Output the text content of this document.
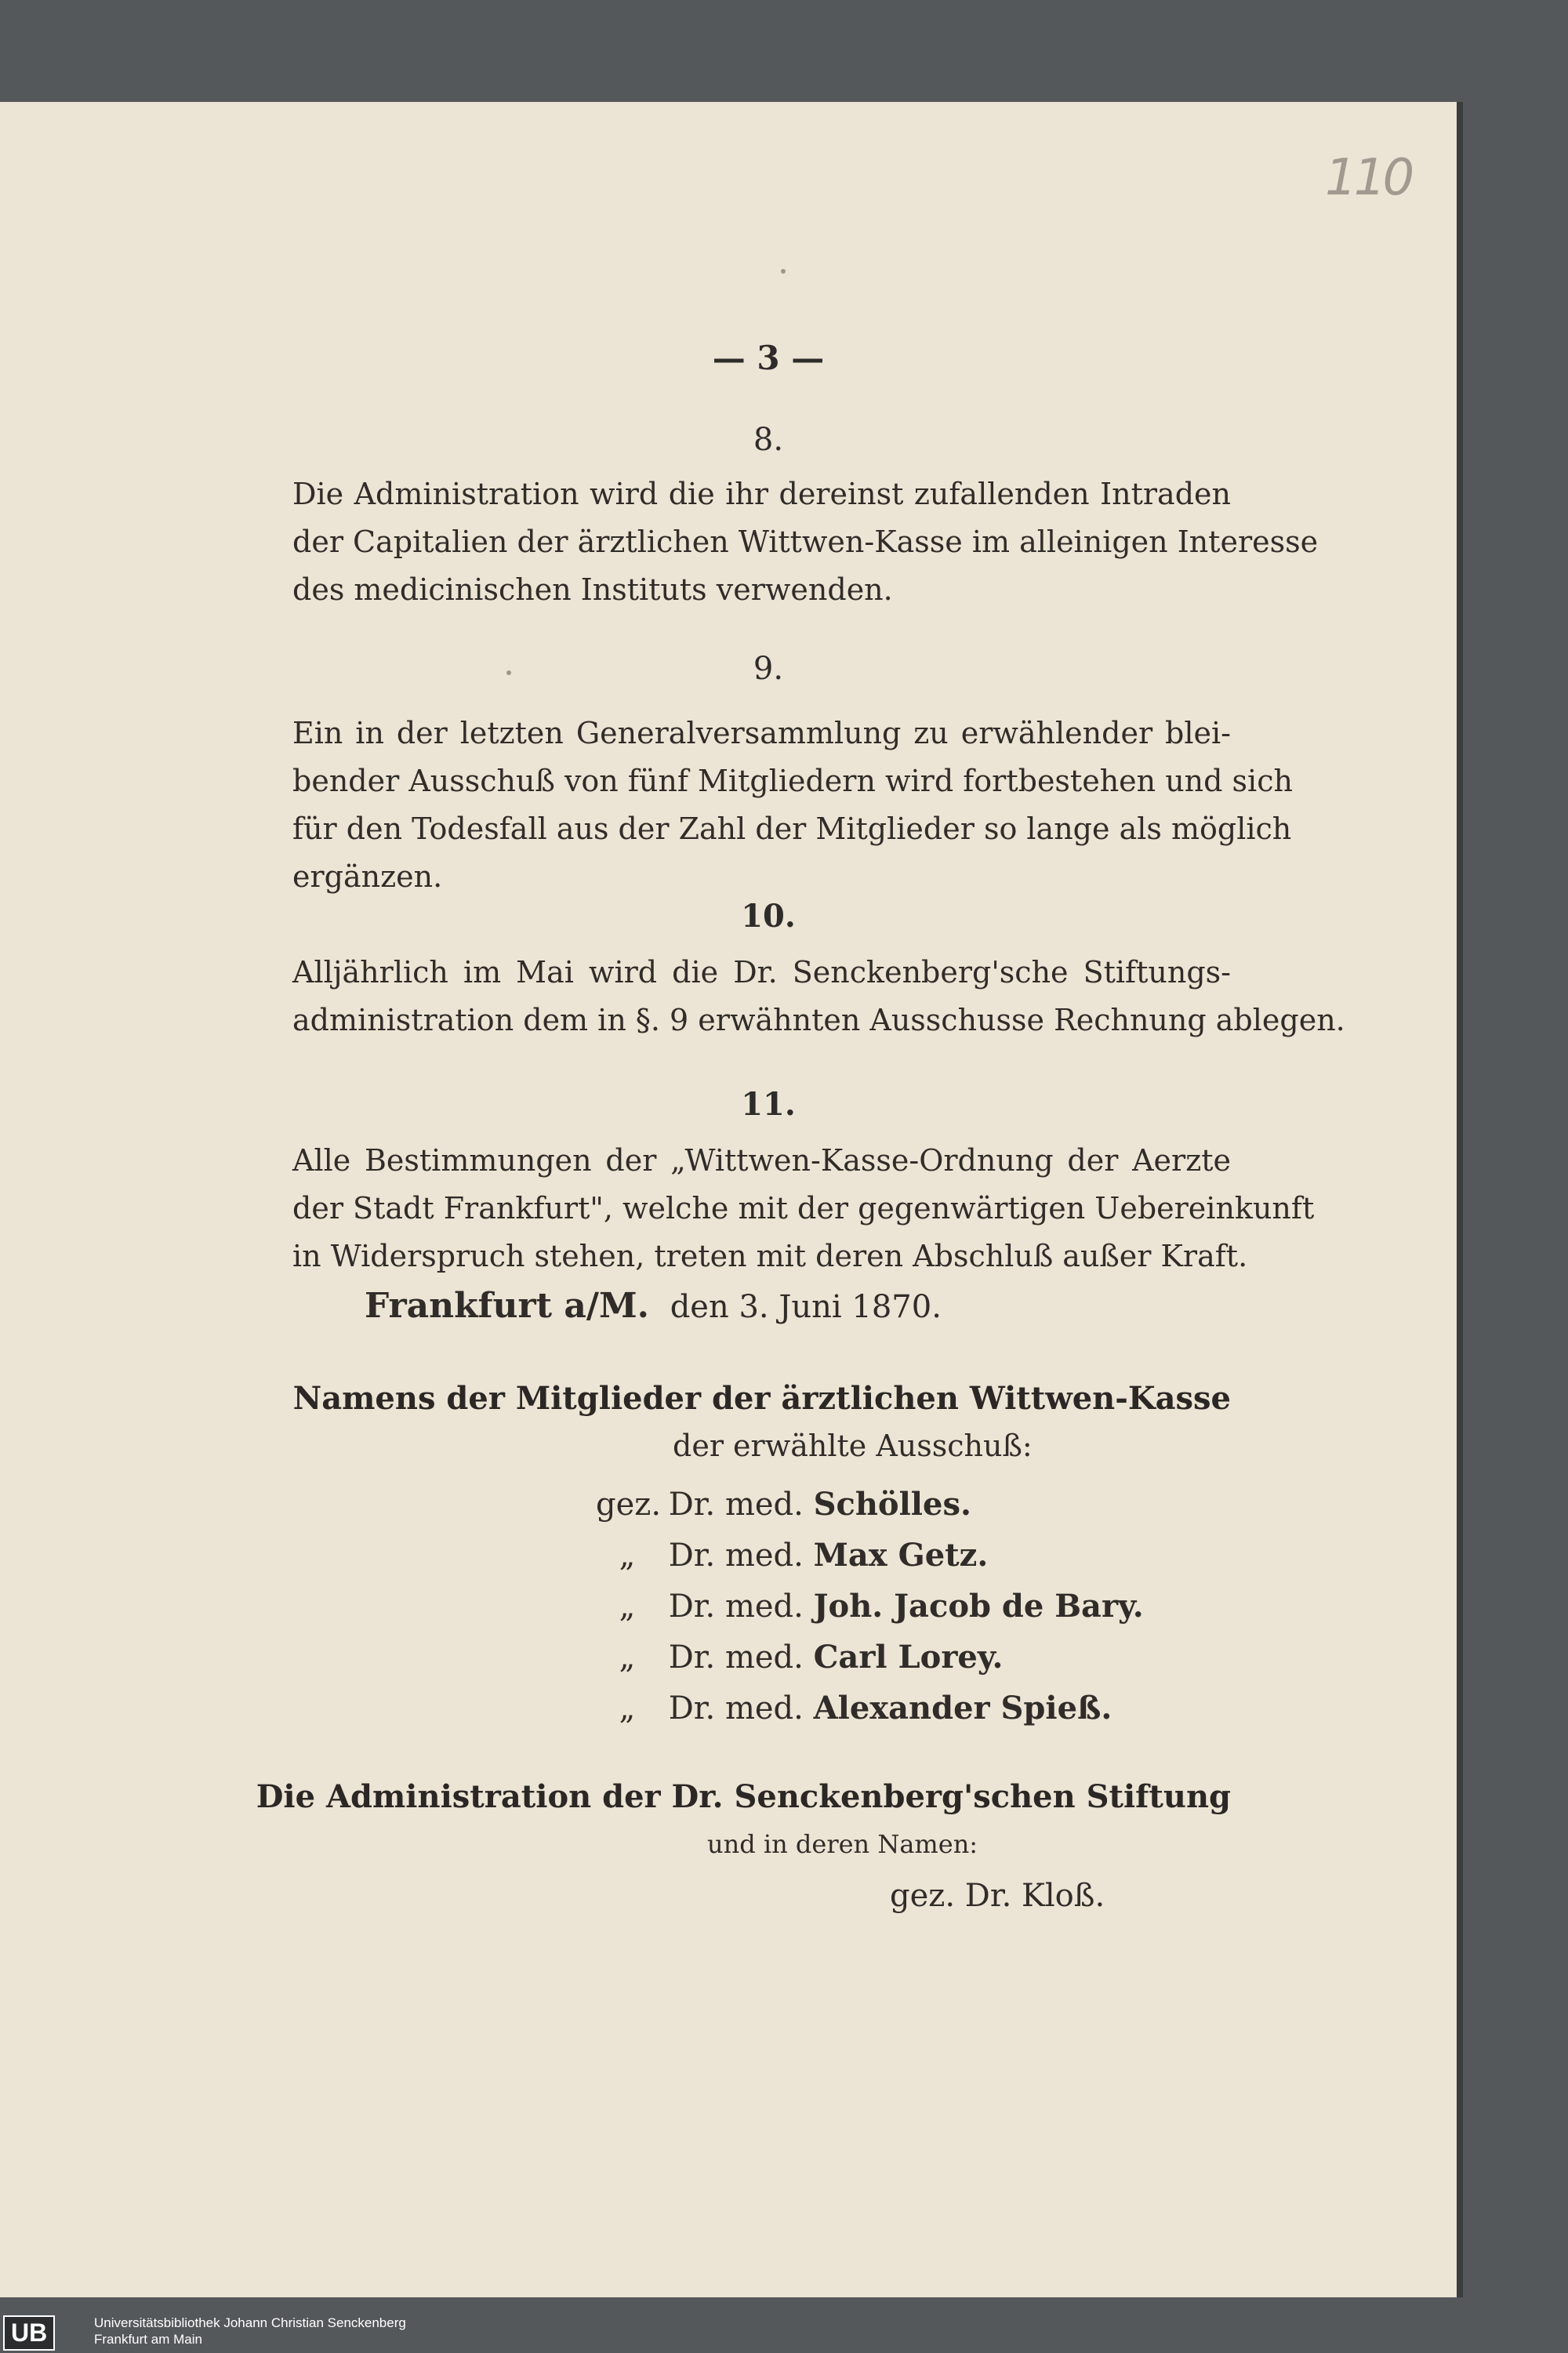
110
— 3 —
8.
Die Administration wird die ihr dereinst zufallenden Intraden
der Capitalien der ärztlichen Wittwen-Kasse im alleinigen Interesse
des medicinischen Instituts verwenden.
9.
Ein in der letzten Generalversammlung zu erwählender blei-
bender Ausschuß von fünf Mitgliedern wird fortbestehen und sich
für den Todesfall aus der Zahl der Mitglieder so lange als möglich
ergänzen.
10.
Alljährlich im Mai wird die Dr. Senckenberg'sche Stiftungs-
administration dem in §. 9 erwähnten Ausschusse Rechnung ablegen.
11.
Alle Bestimmungen der „Wittwen-Kasse-Ordnung der Aerzte
der Stadt Frankfurt", welche mit der gegenwärtigen Uebereinkunft
in Widerspruch stehen, treten mit deren Abschluß außer Kraft.
Frankfurt a/M. den 3. Juni 1870.
Namens der Mitglieder der ärztlichen Wittwen-Kasse
der erwählte Ausschuß:
gez. Dr. med. Schölles.
„ Dr. med. Max Getz.
„ Dr. med. Joh. Jacob de Bary.
„ Dr. med. Carl Lorey.
„ Dr. med. Alexander Spieß.
Die Administration der Dr. Senckenberg'schen Stiftung
und in deren Namen:
gez. Dr. Kloß.
UB	Universitätsbibliothek Johann Christian Senckenberg
Frankfurt am Main
